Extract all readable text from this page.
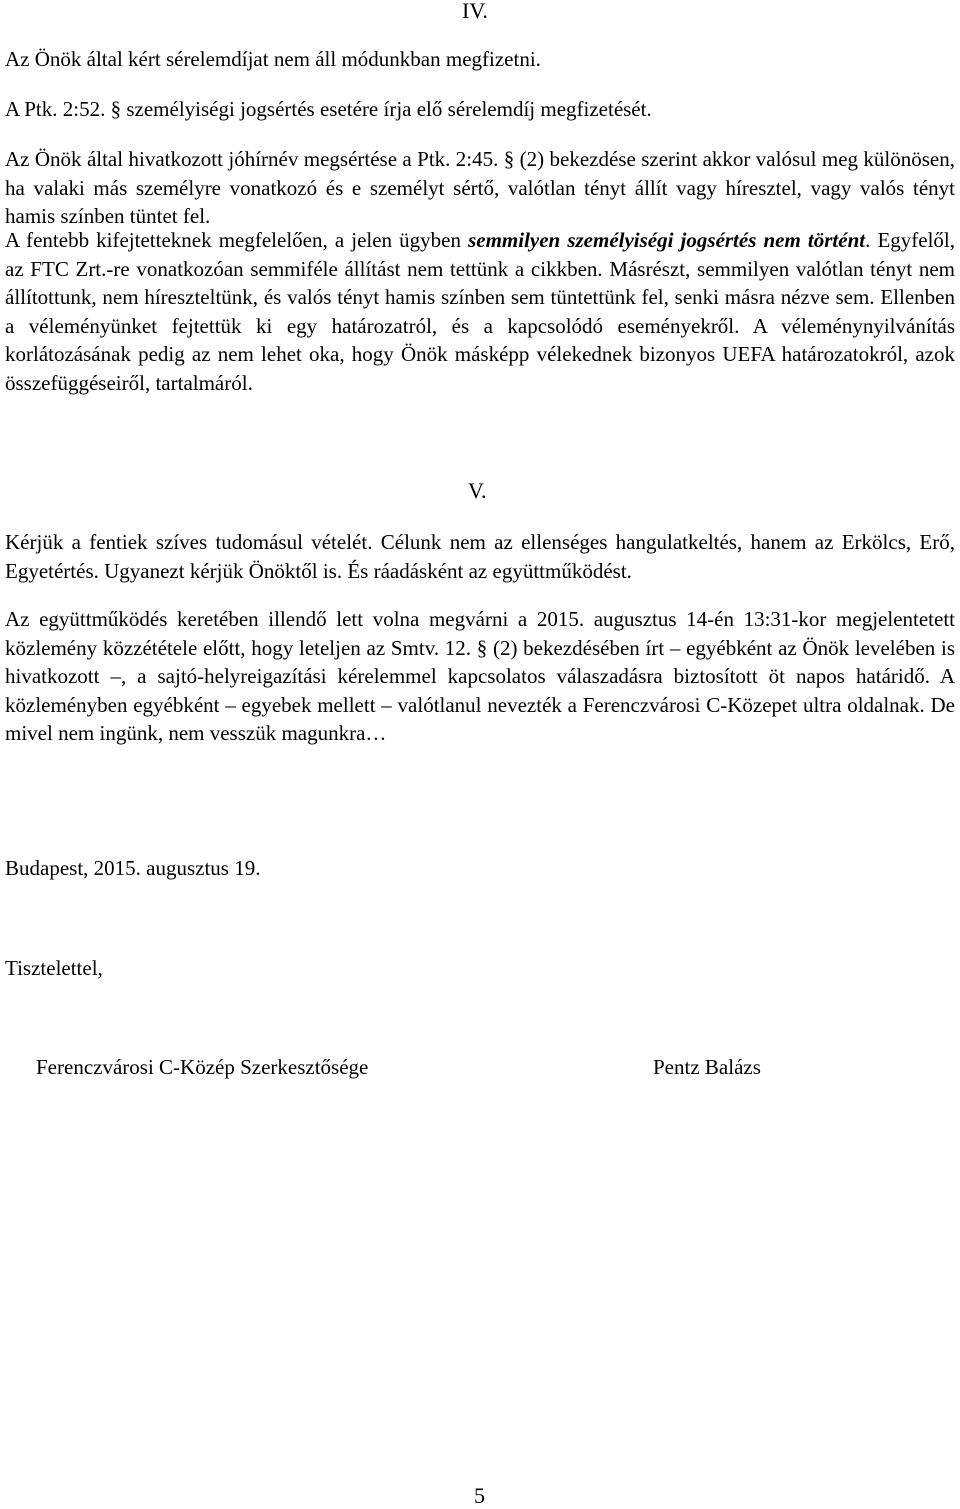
IV.
Az Önök által kért sérelemdíjat nem áll módunkban megfizetni.
A Ptk. 2:52. § személyiségi jogsértés esetére írja elő sérelemdíj megfizetését.
Az Önök által hivatkozott jóhírnév megsértése a Ptk. 2:45. § (2) bekezdése szerint akkor valósul meg különösen, ha valaki más személyre vonatkozó és e személyt sértő, valótlan tényt állít vagy híresztel, vagy valós tényt hamis színben tüntet fel.
A fentebb kifejtetteknek megfelelően, a jelen ügyben semmilyen személyiségi jogsértés nem történt. Egyfelől, az FTC Zrt.-re vonatkozóan semmiféle állítást nem tettünk a cikkben. Másrészt, semmilyen valótlan tényt nem állítottunk, nem híreszteltünk, és valós tényt hamis színben sem tüntettünk fel, senki másra nézve sem. Ellenben a véleményünket fejtettük ki egy határozatról, és a kapcsolódó eseményekről. A véleménynyilvánítás korlátozásának pedig az nem lehet oka, hogy Önök másképp vélekednek bizonyos UEFA határozatokról, azok összefüggéseiről, tartalmáról.
V.
Kérjük a fentiek szíves tudomásul vételét. Célunk nem az ellenséges hangulatkeltés, hanem az Erkölcs, Erő, Egyetértés. Ugyanezt kérjük Önöktől is. És ráadásként az együttműködést.
Az együttműködés keretében illendő lett volna megvárni a 2015. augusztus 14-én 13:31-kor megjelentetett közlemény közzététele előtt, hogy leteljen az Smtv. 12. § (2) bekezdésében írt – egyébként az Önök levelében is hivatkozott –, a sajtó-helyreigazítási kérelemmel kapcsolatos válaszadásra biztosított öt napos határidő. A közleményben egyébként – egyebek mellett – valótlanul nevezték a Ferenczvárosi C-Közepet ultra oldalnak. De mivel nem ingünk, nem vesszük magunkra…
Budapest, 2015. augusztus 19.
Tisztelettel,
Ferenczvárosi C-Közép Szerkesztősége	Pentz Balázs
5
